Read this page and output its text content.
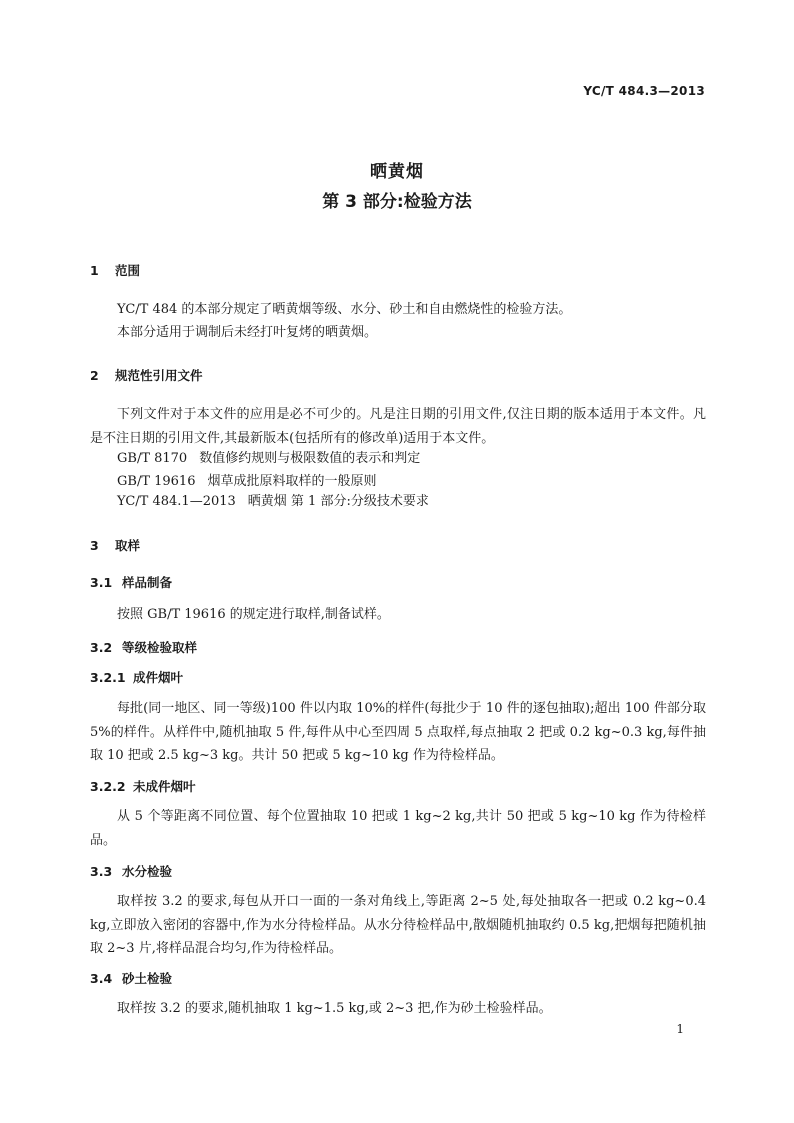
YC/T 484.3—2013
晒黄烟
第 3 部分:检验方法
1 范围
YC/T 484 的本部分规定了晒黄烟等级、水分、砂土和自由燃烧性的检验方法。
本部分适用于调制后未经打叶复烤的晒黄烟。
2 规范性引用文件
下列文件对于本文件的应用是必不可少的。凡是注日期的引用文件,仅注日期的版本适用于本文件。凡是不注日期的引用文件,其最新版本(包括所有的修改单)适用于本文件。
GB/T 8170 数值修约规则与极限数值的表示和判定
GB/T 19616 烟草成批原料取样的一般原则
YC/T 484.1—2013 晒黄烟 第 1 部分:分级技术要求
3 取样
3.1 样品制备
按照 GB/T 19616 的规定进行取样,制备试样。
3.2 等级检验取样
3.2.1 成件烟叶
每批(同一地区、同一等级)100 件以内取 10%的样件(每批少于 10 件的逐包抽取);超出 100 件部分取 5%的样件。从样件中,随机抽取 5 件,每件从中心至四周 5 点取样,每点抽取 2 把或 0.2 kg~0.3 kg,每件抽取 10 把或 2.5 kg~3 kg。共计 50 把或 5 kg~10 kg 作为待检样品。
3.2.2 未成件烟叶
从 5 个等距离不同位置、每个位置抽取 10 把或 1 kg~2 kg,共计 50 把或 5 kg~10 kg 作为待检样品。
3.3 水分检验
取样按 3.2 的要求,每包从开口一面的一条对角线上,等距离 2~5 处,每处抽取各一把或 0.2 kg~0.4 kg,立即放入密闭的容器中,作为水分待检样品。从水分待检样品中,散烟随机抽取约 0.5 kg,把烟每把随机抽取 2~3 片,将样品混合均匀,作为待检样品。
3.4 砂土检验
取样按 3.2 的要求,随机抽取 1 kg~1.5 kg,或 2~3 把,作为砂土检验样品。
1
